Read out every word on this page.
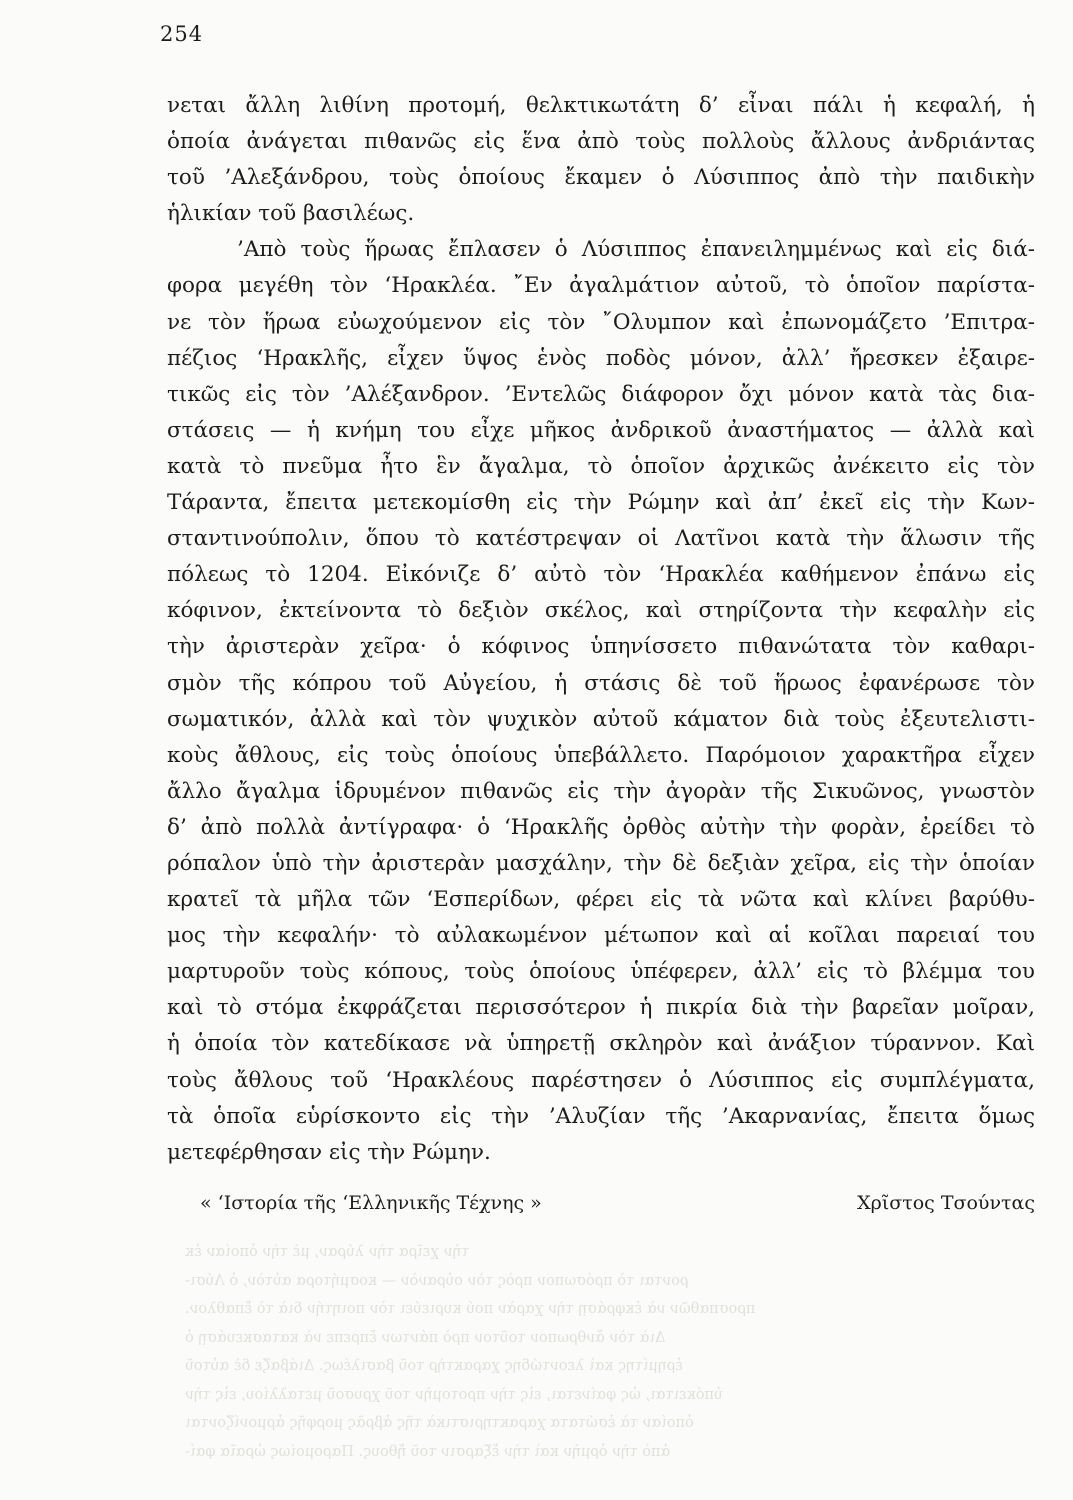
254
νεται ἄλλη λιθίνη προτομή, θελκτικωτάτη δ’ εἶναι πάλι ἡ κεφαλή, ἡ
ὁποία ἀνάγεται πιθανῶς εἰς ἕνα ἀπὸ τοὺς πολλοὺς ἄλλους ἀνδριάντας
τοῦ ’Αλεξάνδρου, τοὺς ὁποίους ἔκαμεν ὁ Λύσιππος ἀπὸ τὴν παιδικὴν
ἡλικίαν τοῦ βασιλέως.
’Απὸ τοὺς ἥρωας ἔπλασεν ὁ Λύσιππος ἐπανειλημμένως καὶ εἰς διά-
φορα μεγέθη τὸν ‘Ηρακλέα. ῎Εν ἀγαλμάτιον αὐτοῦ, τὸ ὁποῖον παρίστα-
νε τὸν ἥρωα εὐωχούμενον εἰς τὸν ῎Ολυμπον καὶ ἐπωνομάζετο ’Επιτρα-
πέζιος ‘Ηρακλῆς, εἶχεν ὕψος ἑνὸς ποδὸς μόνον, ἀλλ’ ἤρεσκεν ἐξαιρε-
τικῶς εἰς τὸν ’Αλέξανδρον. ’Εντελῶς διάφορον ὄχι μόνον κατὰ τὰς δια-
στάσεις — ἡ κνήμη του εἶχε μῆκος ἀνδρικοῦ ἀναστήματος — ἀλλὰ καὶ
κατὰ τὸ πνεῦμα ἦτο ἓν ἄγαλμα, τὸ ὁποῖον ἀρχικῶς ἀνέκειτο εἰς τὸν
Τάραντα, ἔπειτα μετεκομίσθη εἰς τὴν Ρώμην καὶ ἀπ’ ἐκεῖ εἰς τὴν Κων-
σταντινούπολιν, ὅπου τὸ κατέστρεψαν οἱ Λατῖνοι κατὰ τὴν ἅλωσιν τῆς
πόλεως τὸ 1204. Εἰκόνιζε δ’ αὐτὸ τὸν ‘Ηρακλέα καθήμενον ἐπάνω εἰς
κόφινον, ἐκτείνοντα τὸ δεξιὸν σκέλος, καὶ στηρίζοντα τὴν κεφαλὴν εἰς
τὴν ἀριστερὰν χεῖρα· ὁ κόφινος ὑπηνίσσετο πιθανώτατα τὸν καθαρι-
σμὸν τῆς κόπρου τοῦ Αὐγείου, ἡ στάσις δὲ τοῦ ἥρωος ἐφανέρωσε τὸν
σωματικόν, ἀλλὰ καὶ τὸν ψυχικὸν αὐτοῦ κάματον διὰ τοὺς ἐξευτελιστι-
κοὺς ἄθλους, εἰς τοὺς ὁποίους ὑπεβάλλετο. Παρόμοιον χαρακτῆρα εἶχεν
ἄλλο ἄγαλμα ἱδρυμένον πιθανῶς εἰς τὴν ἀγορὰν τῆς Σικυῶνος, γνωστὸν
δ’ ἀπὸ πολλὰ ἀντίγραφα· ὁ ‘Ηρακλῆς ὀρθὸς αὐτὴν τὴν φορὰν, ἐρείδει τὸ
ρόπαλον ὑπὸ τὴν ἀριστερὰν μασχάλην, τὴν δὲ δεξιὰν χεῖρα, εἰς τὴν ὁποίαν
κρατεῖ τὰ μῆλα τῶν ‘Εσπερίδων, φέρει εἰς τὰ νῶτα καὶ κλίνει βαρύθυ-
μος τὴν κεφαλήν· τὸ αὐλακωμένον μέτωπον καὶ αἱ κοῖλαι παρειαί του
μαρτυροῦν τοὺς κόπους, τοὺς ὁποίους ὑπέφερεν, ἀλλ’ εἰς τὸ βλέμμα του
καὶ τὸ στόμα ἐκφράζεται περισσότερον ἡ πικρία διὰ τὴν βαρεῖαν μοῖραν,
ἡ ὁποία τὸν κατεδίκασε νὰ ὑπηρετῇ σκληρὸν καὶ ἀνάξιον τύραννον. Καὶ
τοὺς ἄθλους τοῦ ‘Ηρακλέους παρέστησεν ὁ Λύσιππος εἰς συμπλέγματα,
τὰ ὁποῖα εὑρίσκοντο εἰς τὴν ’Αλυζίαν τῆς ’Ακαρνανίας, ἔπειτα ὅμως
μετεφέρθησαν εἰς τὴν Ρώμην.
« ‘Ιστορία τῆς ‘Ελληνικῆς Τέχνης »	Χρῖστος Τσούντας
τὴν χεῖρα τὴν λύραν, μὲ τὴν ὁποίαν ἐκ
ρονται τὸ πρόσωπον πρὸς τὸν οὐρανὸν — κοσμήτορα αὐτὸν, ὁ Λύσι-
προσπαθῶν νὰ ἐκφράσῃ τὴν χαρὰν πού κυριεύει τὸν ποιητήν διὰ τὸ ἔπαθλον.
Διὰ τὸν ἄνθρωπον τοῦτον πρὸ πάντων ἔπρεπε νὰ κατασκευάσῃ ὁ
ἐρημίτης καὶ λεοντώδης χαρακτὴρ τοῦ βασιλέως. Διάβαζε δὲ αὐτοῦ
ὑπόκειται, ὡς φαίνεται, εἰς τὴν προτομὴν τοῦ χρυσοῦ μεταλλίου, εἰς τὴν
ὁποίαν τὰ ἐσώτατα χαρακτηριστικὰ τῆς ἁβρᾶς μορφῆς ἀρμονίζονται
ἀπὸ τὴν ὁρμὴν καὶ τὴν ἔξαρσιν τοῦ ἤθους. Παρομοίως ὡραῖα φαί-
